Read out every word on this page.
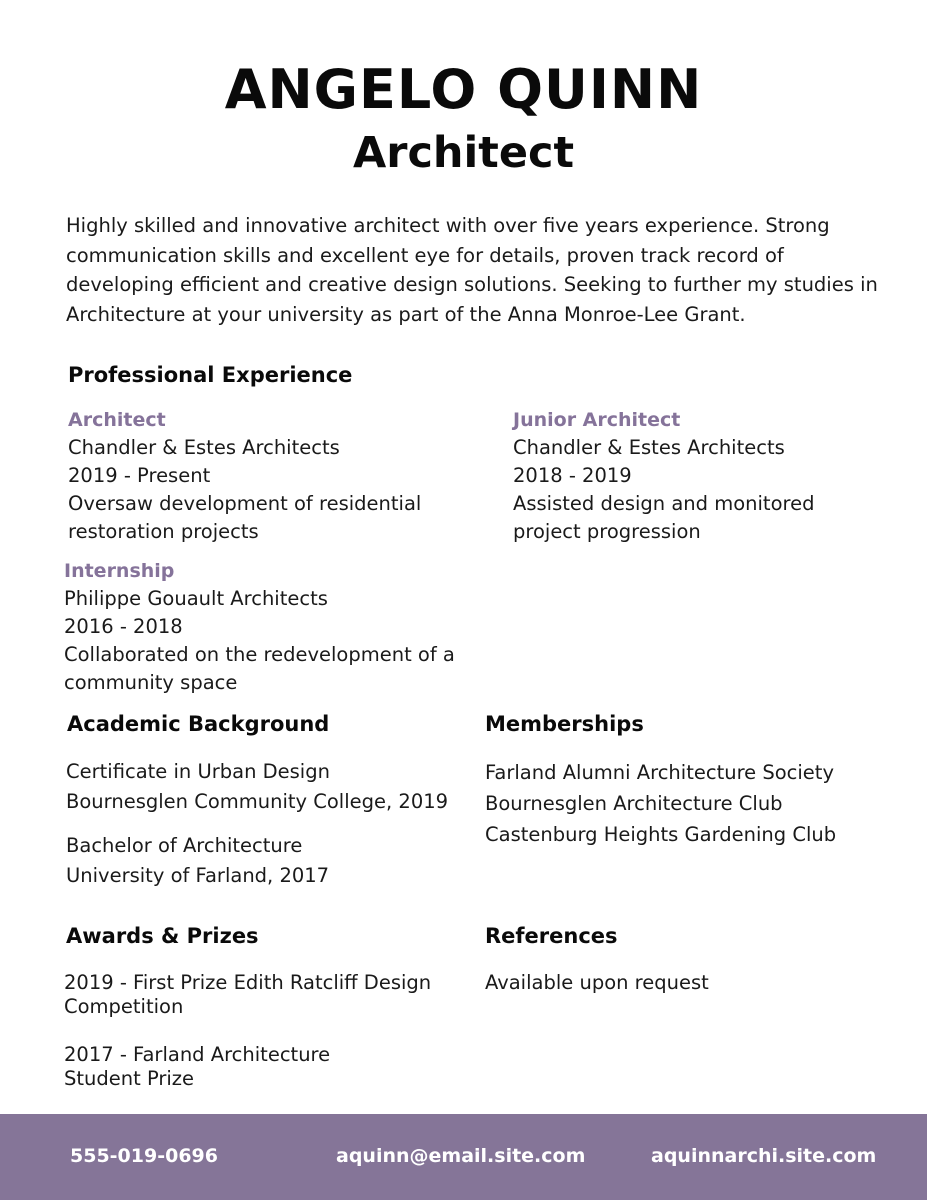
ANGELO QUINN
Architect
Highly skilled and innovative architect with over five years experience. Strong communication skills and excellent eye for details, proven track record of developing efficient and creative design solutions. Seeking to further my studies in Architecture at your university as part of the Anna Monroe-Lee Grant.
Professional Experience
Architect
Chandler & Estes Architects
2019 - Present
Oversaw development of residential restoration projects
Junior Architect
Chandler & Estes Architects
2018 - 2019
Assisted design and monitored project progression
Internship
Philippe Gouault Architects
2016 - 2018
Collaborated on the redevelopment of a community space
Academic Background
Certificate in Urban Design
Bournesglen Community College, 2019
Bachelor of Architecture
University of Farland, 2017
Memberships
Farland Alumni Architecture Society
Bournesglen Architecture Club
Castenburg Heights Gardening Club
Awards & Prizes
2019 - First Prize Edith Ratcliff Design Competition
2017 - Farland Architecture Student Prize
References
Available upon request
555-019-0696	aquinn@email.site.com	aquinnarchi.site.com
